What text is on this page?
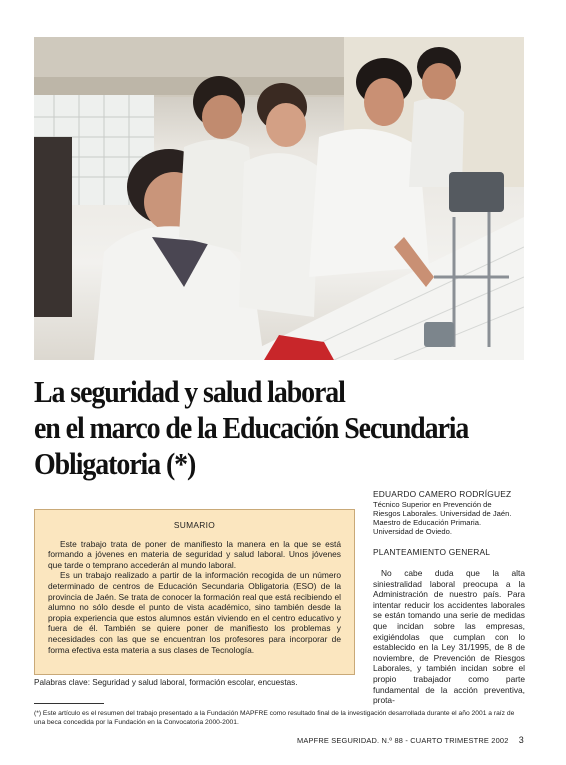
La seguridad y salud laboral
en el marco de la Educación Secundaria
Obligatoria (*)
SUMARIO

Este trabajo trata de poner de manifiesto la manera en la que se está formando a jóvenes en materia de seguridad y salud laboral. Unos jóvenes que tarde o temprano accederán al mundo laboral.

Es un trabajo realizado a partir de la información recogida de un número determinado de centros de Educación Secundaria Obligatoria (ESO) de la provincia de Jaén. Se trata de conocer la formación real que está recibiendo el alumno no sólo desde el punto de vista académico, sino también desde la propia experiencia que estos alumnos están viviendo en el centro educativo y fuera de él. También se quiere poner de manifiesto los problemas y necesidades con las que se encuentran los profesores para incorporar de forma efectiva esta materia a sus clases de Tecnología.

Palabras clave: Seguridad y salud laboral, formación escolar, encuestas.
EDUARDO CAMERO RODRÍGUEZ
Técnico Superior en Prevención de
Riesgos Laborales. Universidad de Jaén.
Maestro de Educación Primaria.
Universidad de Oviedo.
PLANTEAMIENTO GENERAL
No cabe duda que la alta siniestralidad laboral preocupa a la Administración de nuestro país. Para intentar reducir los accidentes laborales se están tomando una serie de medidas que incidan sobre las empresas, exigiéndolas que cumplan con lo establecido en la Ley 31/1995, de 8 de noviembre, de Prevención de Riesgos Laborales, y también incidan sobre el propio trabajador como parte fundamental de la acción preventiva, prota-
(*) Este artículo es el resumen del trabajo presentado a la Fundación MAPFRE como resultado final de la investigación desarrollada durante el año 2001 a raíz de una beca concedida por la Fundación en la Convocatoria 2000-2001.
MAPFRE SEGURIDAD. N.º 88 - CUARTO TRIMESTRE 2002 3
